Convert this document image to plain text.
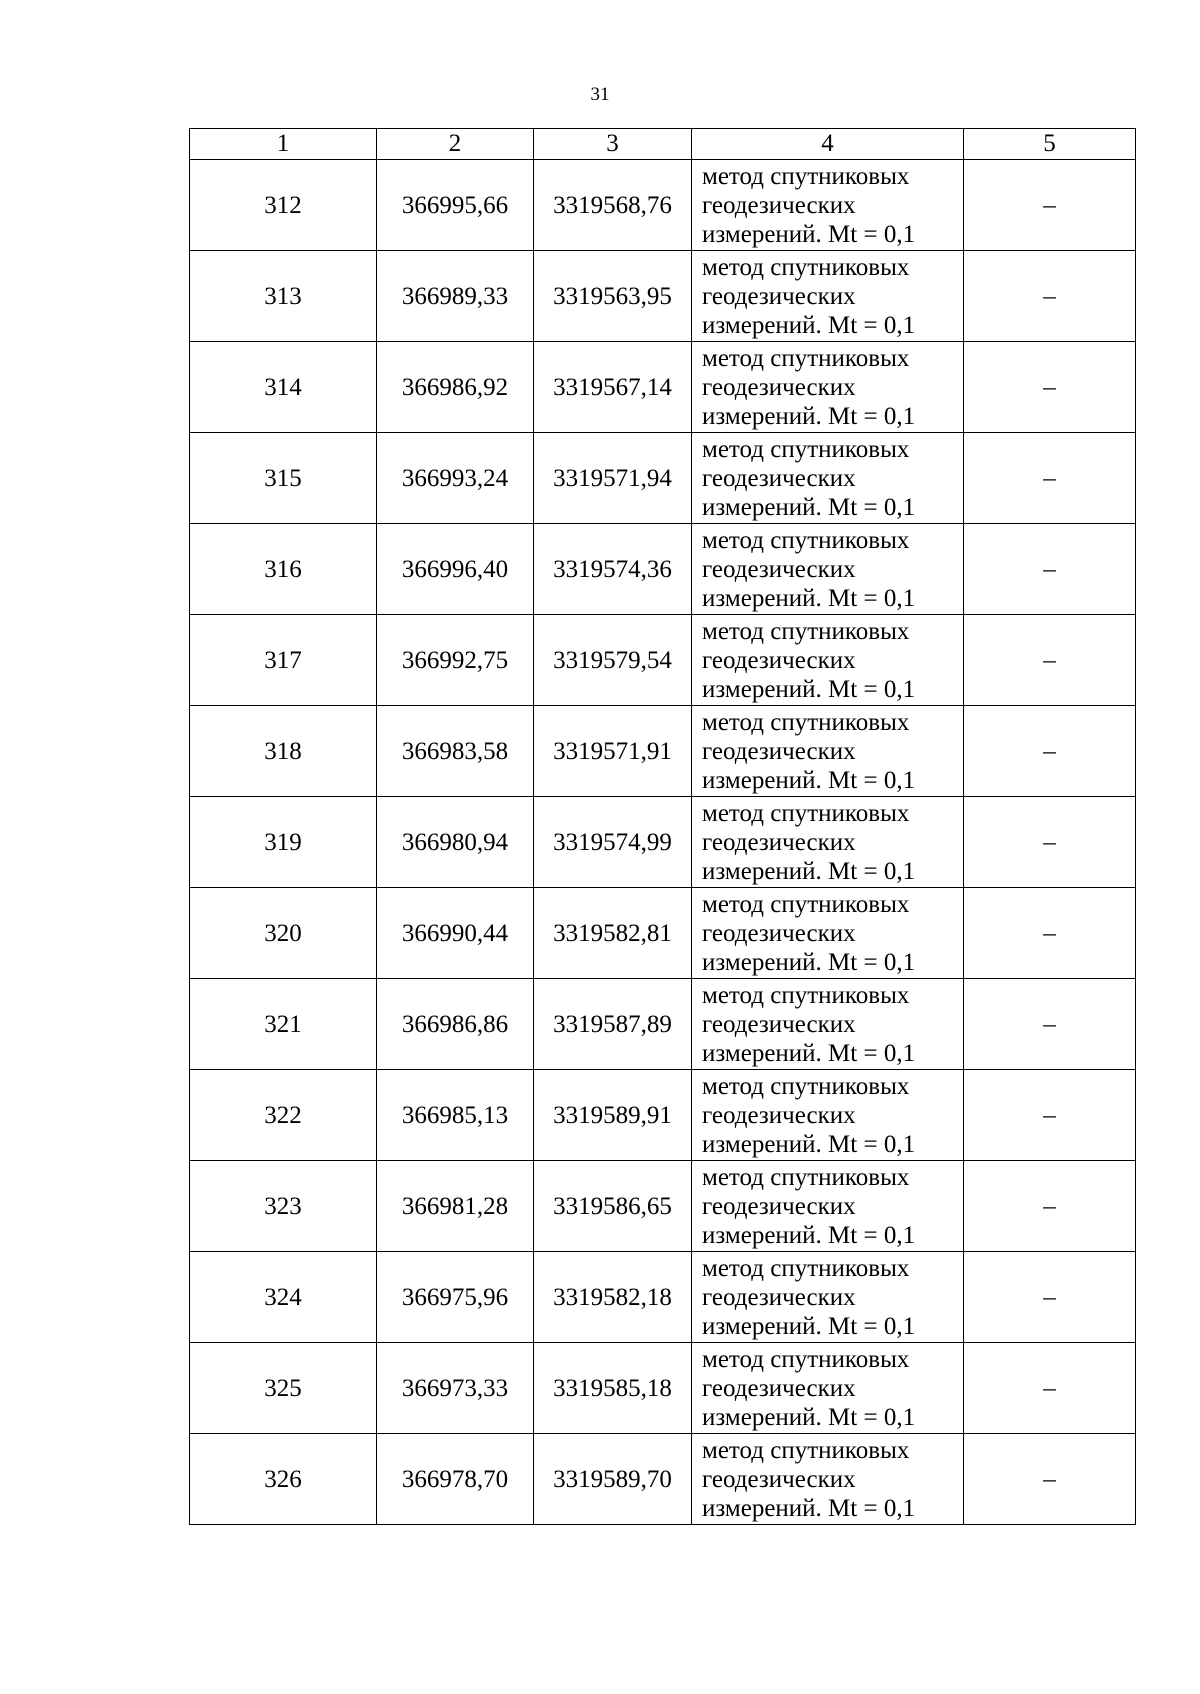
31
1	2	3	4	5
312	366995,66	3319568,76	метод спутниковых
геодезических
измерений. Mt = 0,1	–
313	366989,33	3319563,95	метод спутниковых
геодезических
измерений. Mt = 0,1	–
314	366986,92	3319567,14	метод спутниковых
геодезических
измерений. Mt = 0,1	–
315	366993,24	3319571,94	метод спутниковых
геодезических
измерений. Mt = 0,1	–
316	366996,40	3319574,36	метод спутниковых
геодезических
измерений. Mt = 0,1	–
317	366992,75	3319579,54	метод спутниковых
геодезических
измерений. Mt = 0,1	–
318	366983,58	3319571,91	метод спутниковых
геодезических
измерений. Mt = 0,1	–
319	366980,94	3319574,99	метод спутниковых
геодезических
измерений. Mt = 0,1	–
320	366990,44	3319582,81	метод спутниковых
геодезических
измерений. Mt = 0,1	–
321	366986,86	3319587,89	метод спутниковых
геодезических
измерений. Mt = 0,1	–
322	366985,13	3319589,91	метод спутниковых
геодезических
измерений. Mt = 0,1	–
323	366981,28	3319586,65	метод спутниковых
геодезических
измерений. Mt = 0,1	–
324	366975,96	3319582,18	метод спутниковых
геодезических
измерений. Mt = 0,1	–
325	366973,33	3319585,18	метод спутниковых
геодезических
измерений. Mt = 0,1	–
326	366978,70	3319589,70	метод спутниковых
геодезических
измерений. Mt = 0,1	–
